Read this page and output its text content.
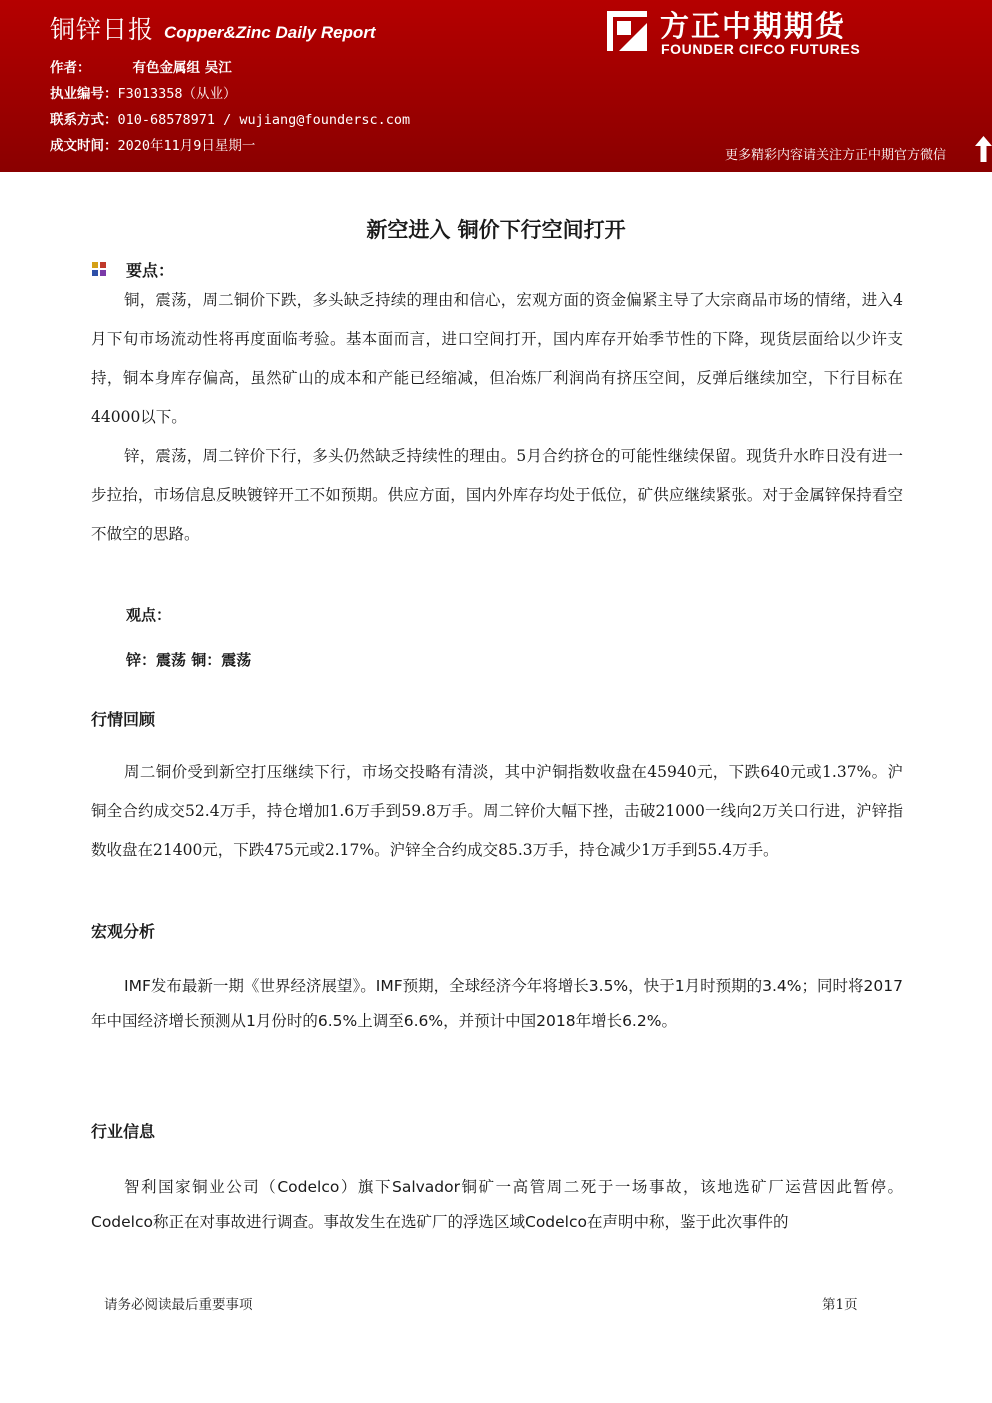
铜锌日报 Copper&Zinc Daily Report
作者：	有色金属组 吴江
执业编号：F3013358（从业）
联系方式：010-68578971 / wujiang@foundersc.com
成文时间：2020年11月9日星期一
方正中期期货
FOUNDER CIFCO FUTURES
更多精彩内容请关注方正中期官方微信
新空进入 铜价下行空间打开
要点：

铜，震荡，周二铜价下跌，多头缺乏持续的理由和信心，宏观方面的资金偏紧主导了大宗商品市场的情绪，进入4月下旬市场流动性将再度面临考验。基本面而言，进口空间打开，国内库存开始季节性的下降，现货层面给以少许支持，铜本身库存偏高，虽然矿山的成本和产能已经缩减，但冶炼厂利润尚有挤压空间，反弹后继续加空，下行目标在44000以下。

锌，震荡，周二锌价下行，多头仍然缺乏持续性的理由。5月合约挤仓的可能性继续保留。现货升水昨日没有进一步拉抬，市场信息反映镀锌开工不如预期。供应方面，国内外库存均处于低位，矿供应继续紧张。对于金属锌保持看空不做空的思路。

观点：
锌：震荡 铜：震荡
行情回顾

周二铜价受到新空打压继续下行，市场交投略有清淡，其中沪铜指数收盘在45940元，下跌640元或1.37%。沪铜全合约成交52.4万手，持仓增加1.6万手到59.8万手。周二锌价大幅下挫，击破21000一线向2万关口行进，沪锌指数收盘在21400元，下跌475元或2.17%。沪锌全合约成交85.3万手，持仓减少1万手到55.4万手。

宏观分析

IMF发布最新一期《世界经济展望》。IMF预期，全球经济今年将增长3.5%，快于1月时预期的3.4%；同时将2017年中国经济增长预测从1月份时的6.5%上调至6.6%，并预计中国2018年增长6.2%。

行业信息

智利国家铜业公司（Codelco）旗下Salvador铜矿一高管周二死于一场事故，该地选矿厂运营因此暂停。Codelco称正在对事故进行调查。事故发生在选矿厂的浮选区域Codelco在声明中称，鉴于此次事件的

请务必阅读最后重要事项	第1页
